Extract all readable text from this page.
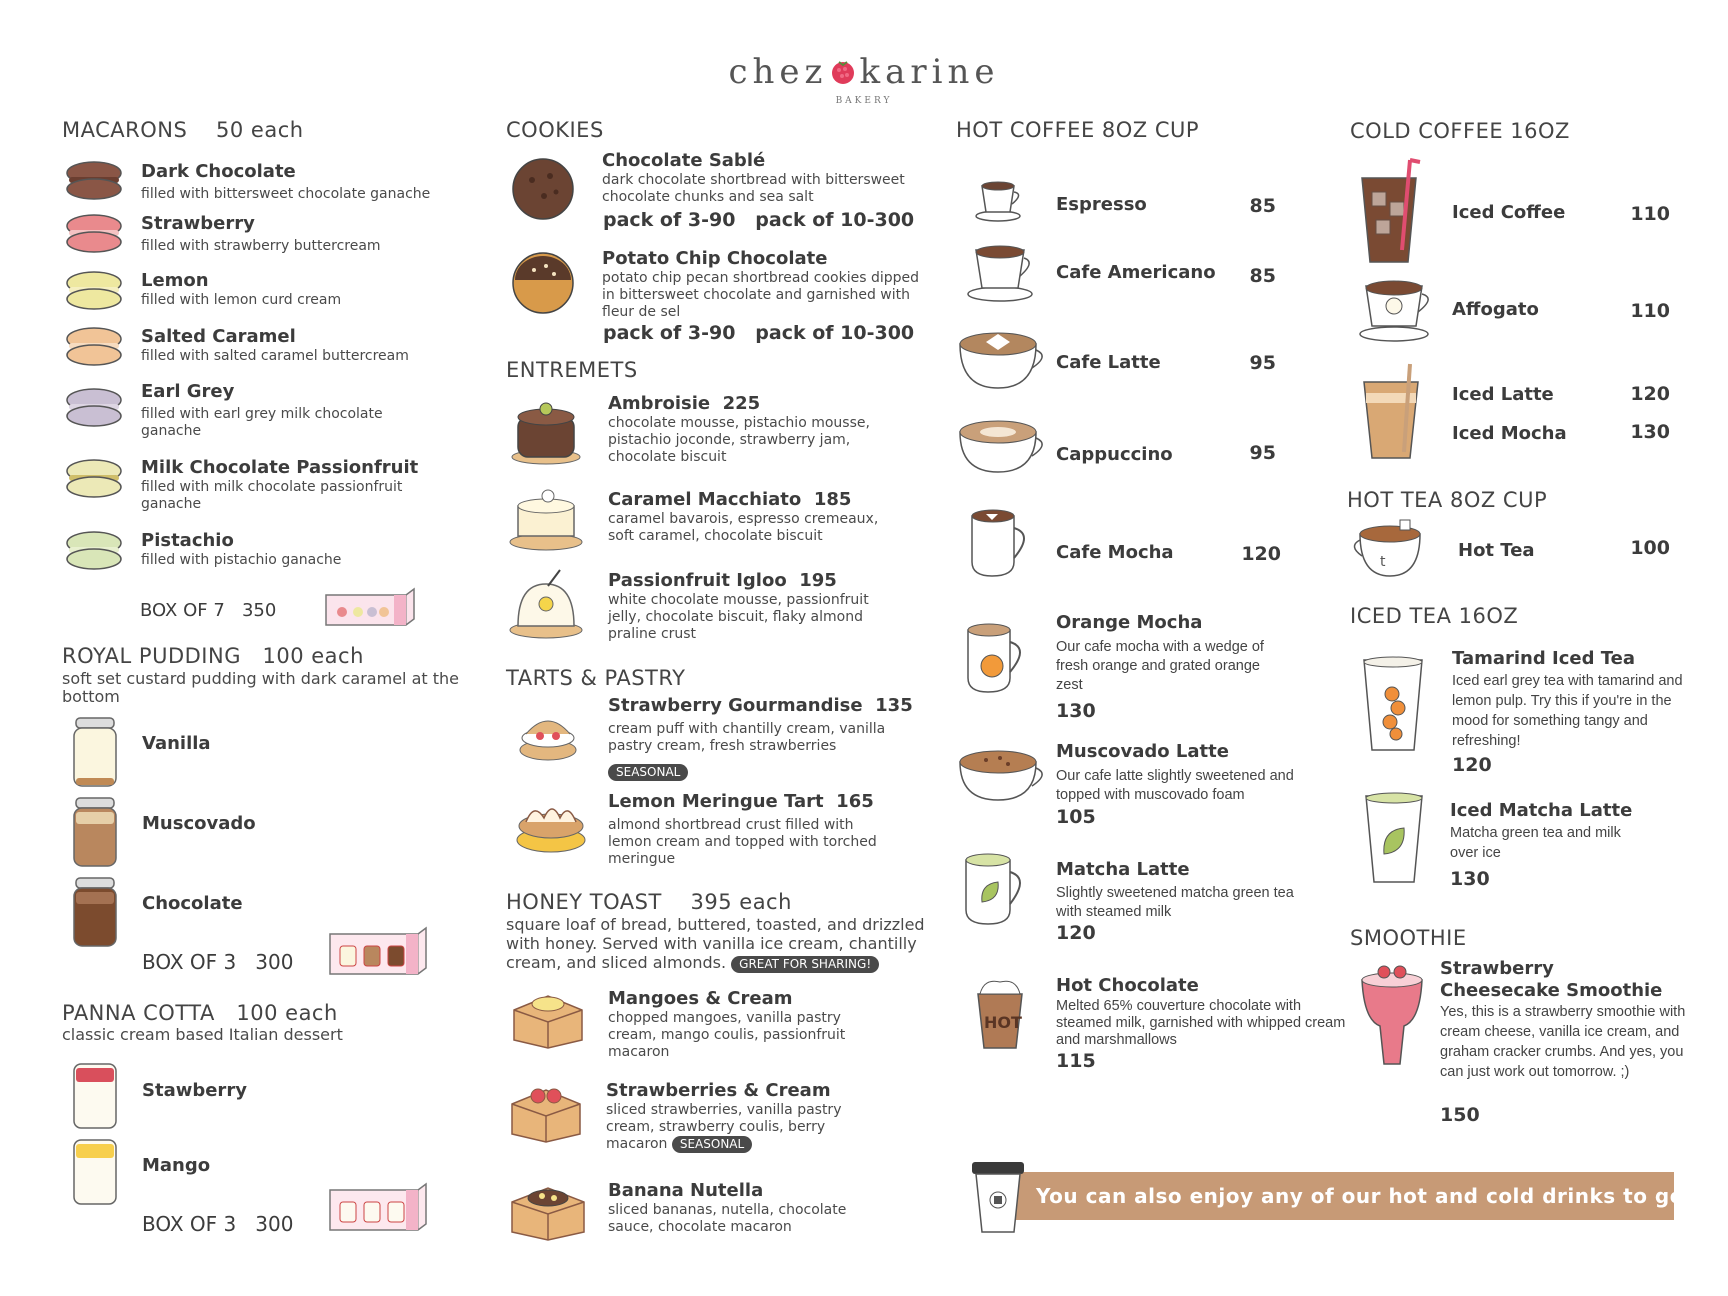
chez karine
BAKERY
MACARONS 50 each
Dark Chocolate
filled with bittersweet chocolate ganache
Strawberry
filled with strawberry buttercream
Lemon
filled with lemon curd cream
Salted Caramel
filled with salted caramel buttercream
Earl Grey
filled with earl grey milk chocolate ganache
Milk Chocolate Passionfruit
filled with milk chocolate passionfruit ganache
Pistachio
filled with pistachio ganache
BOX OF 7 350
ROYAL PUDDING 100 each
soft set custard pudding with dark caramel at the bottom
Vanilla
Muscovado
Chocolate
BOX OF 3 300
PANNA COTTA 100 each
classic cream based Italian dessert
Stawberry
Mango
BOX OF 3 300
COOKIES
Chocolate Sablé
dark chocolate shortbread with bittersweet chocolate chunks and sea salt
pack of 3-90 pack of 10-300
Potato Chip Chocolate
potato chip pecan shortbread cookies dipped in bittersweet chocolate and garnished with fleur de sel
pack of 3-90 pack of 10-300
ENTREMETS
Ambroisie 225
chocolate mousse, pistachio mousse, pistachio joconde, strawberry jam, chocolate biscuit
Caramel Macchiato 185
caramel bavarois, espresso cremeaux, soft caramel, chocolate biscuit
Passionfruit Igloo 195
white chocolate mousse, passionfruit jelly, chocolate biscuit, flaky almond praline crust
TARTS & PASTRY
Strawberry Gourmandise 135
cream puff with chantilly cream, vanilla pastry cream, fresh strawberries
SEASONAL
Lemon Meringue Tart 165
almond shortbread crust filled with lemon cream and topped with torched meringue
HONEY TOAST 395 each
square loaf of bread, buttered, toasted, and drizzled with honey. Served with vanilla ice cream, chantilly cream, and sliced almonds. GREAT FOR SHARING!
Mangoes & Cream
chopped mangoes, vanilla pastry cream, mango coulis, passionfruit macaron
Strawberries & Cream
sliced strawberries, vanilla pastry cream, strawberry coulis, berry macaron SEASONAL
Banana Nutella
sliced bananas, nutella, chocolate sauce, chocolate macaron
HOT COFFEE 8OZ CUP
Espresso	85
Cafe Americano 85
Cafe Latte	95
Cappuccino	95
Cafe Mocha	120
Orange Mocha
Our cafe mocha with a wedge of fresh orange and grated orange zest
130
Muscovado Latte
Our cafe latte slightly sweetened and topped with muscovado foam
105
Matcha Latte
Slightly sweetened matcha green tea with steamed milk
120
HOT
Hot Chocolate
Melted 65% couverture chocolate with steamed milk, garnished with whipped cream and marshmallows
115
COLD COFFEE 16OZ
Iced Coffee	110
Affogato	110
Iced Latte	120
Iced Mocha	130
HOT TEA 8OZ CUP
t
Hot Tea	100
ICED TEA 16OZ
Tamarind Iced Tea
Iced earl grey tea with tamarind and lemon pulp. Try this if you're in the mood for something tangy and refreshing!
120
Iced Matcha Latte
Matcha green tea and milk over ice
130
SMOOTHIE
Strawberry Cheesecake Smoothie
Yes, this is a strawberry smoothie with cream cheese, vanilla ice cream, and graham cracker crumbs. And yes, you can just work out tomorrow. ;)
150
You can also enjoy any of our hot and cold drinks to go! :)
